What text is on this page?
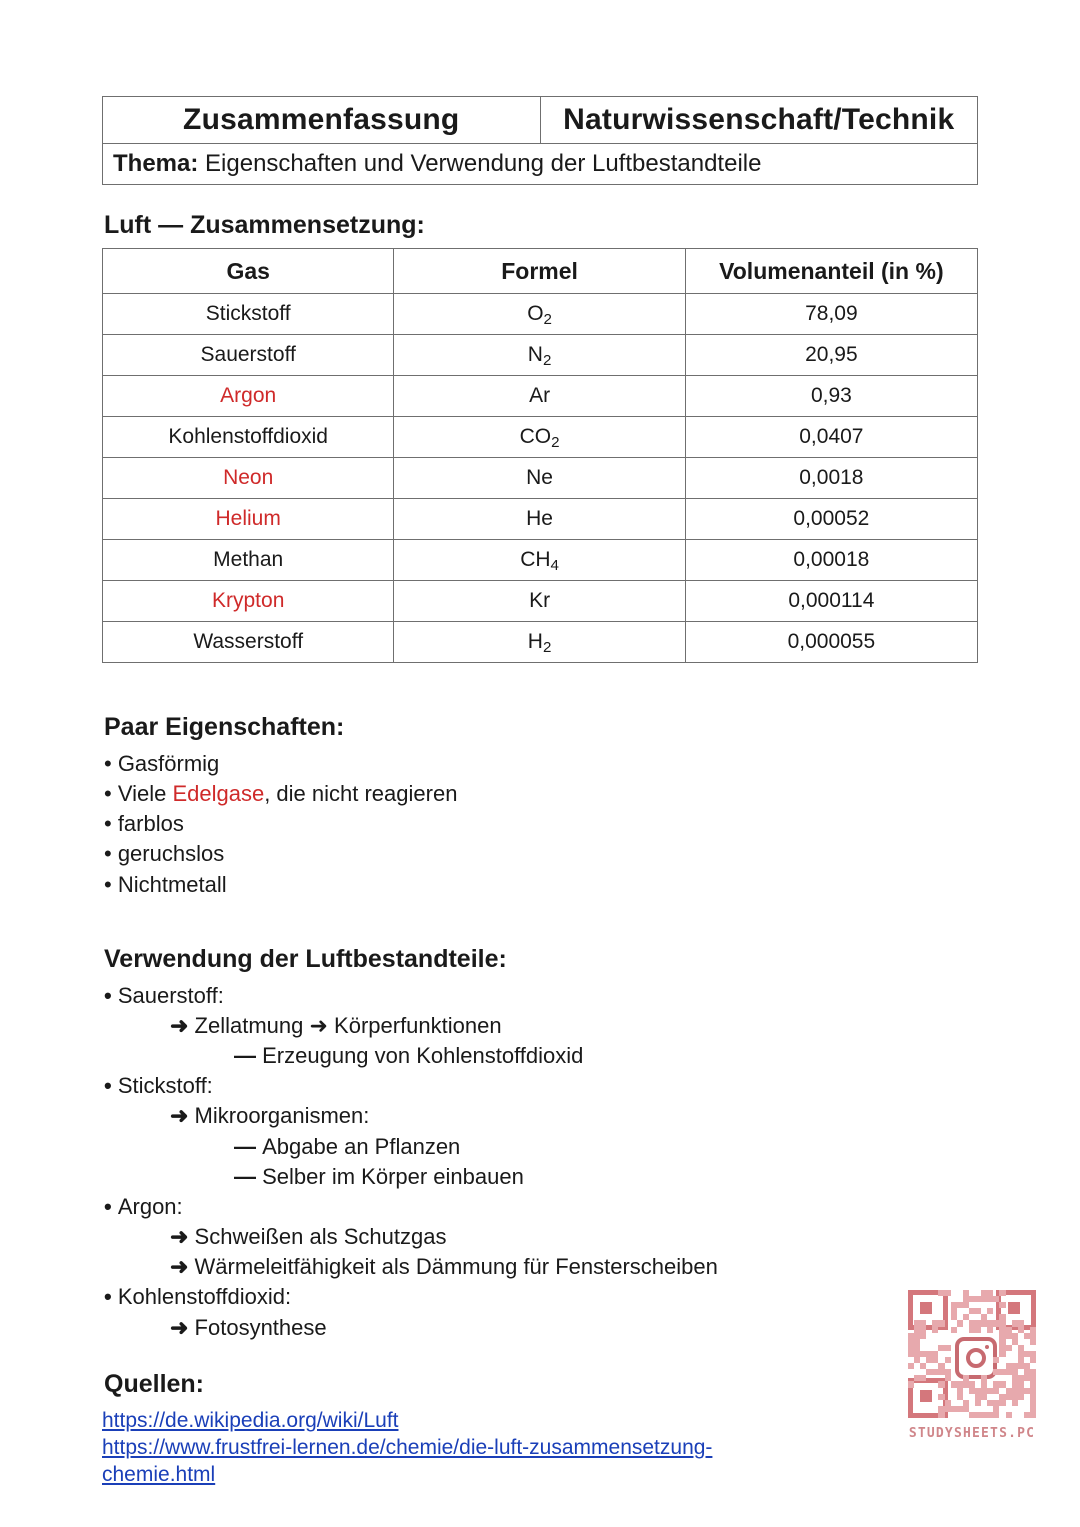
Zusammenfassung	Naturwissenschaft/Technik
Thema: Eigenschaften und Verwendung der Luftbestandteile
Luft — Zusammensetzung:
Gas	Formel	Volumenanteil (in %)
Stickstoff	$O_2$	78,09
Sauerstoff	$N_2$	20,95
Argon	Ar	0,93
Kohlenstoffdioxid	$CO_2$	0,0407
Neon	Ne	0,0018
Helium	He	0,00052
Methan	$CH_4$	0,00018
Krypton	Kr	0,000114
Wasserstoff	$H_2$	0,000055
Paar Eigenschaften:
• Gasförmig
• Viele Edelgase, die nicht reagieren
• farblos
• geruchslos
• Nichtmetall
Verwendung der Luftbestandteile:
• Sauerstoff:
➜ Zellatmung ➜ Körperfunktionen
— Erzeugung von Kohlenstoffdioxid
• Stickstoff:
➜ Mikroorganismen:
— Abgabe an Pflanzen
— Selber im Körper einbauen
• Argon:
➜ Schweißen als Schutzgas
➜ Wärmeleitfähigkeit als Dämmung für Fensterscheiben
• Kohlenstoffdioxid:
➜ Fotosynthese
Quellen:
https://de.wikipedia.org/wiki/Luft
https://www.frustfrei-lernen.de/chemie/die-luft-zusammensetzung-chemie.html
STUDYSHEETS.PC
